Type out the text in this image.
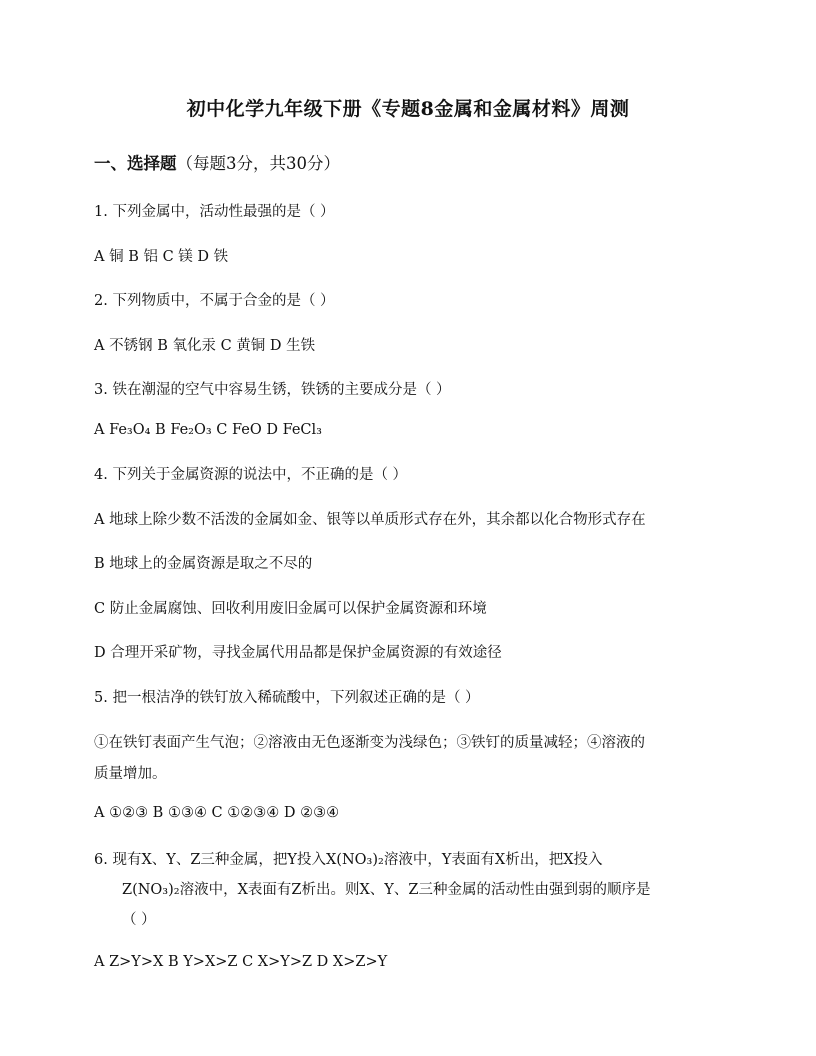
初中化学九年级下册《专题8金属和金属材料》周测
一、选择题（每题3分，共30分）
1. 下列金属中，活动性最强的是（ ）
A 铜 B 铝 C 镁 D 铁
2. 下列物质中，不属于合金的是（ ）
A 不锈钢 B 氧化汞 C 黄铜 D 生铁
3. 铁在潮湿的空气中容易生锈，铁锈的主要成分是（ ）
A Fe₃O₄ B Fe₂O₃ C FeO D FeCl₃
4. 下列关于金属资源的说法中，不正确的是（ ）
A 地球上除少数不活泼的金属如金、银等以单质形式存在外，其余都以化合物形式存在
B 地球上的金属资源是取之不尽的
C 防止金属腐蚀、回收利用废旧金属可以保护金属资源和环境
D 合理开采矿物，寻找金属代用品都是保护金属资源的有效途径
5. 把一根洁净的铁钉放入稀硫酸中，下列叙述正确的是（ ）
①在铁钉表面产生气泡；②溶液由无色逐渐变为浅绿色；③铁钉的质量减轻；④溶液的
质量增加。
A ①②③ B ①③④ C ①②③④ D ②③④
6. 现有X、Y、Z三种金属，把Y投入X(NO₃)₂溶液中，Y表面有X析出，把X投入
Z(NO₃)₂溶液中，X表面有Z析出。则X、Y、Z三种金属的活动性由强到弱的顺序是
（ ）
A Z>Y>X B Y>X>Z C X>Y>Z D X>Z>Y
